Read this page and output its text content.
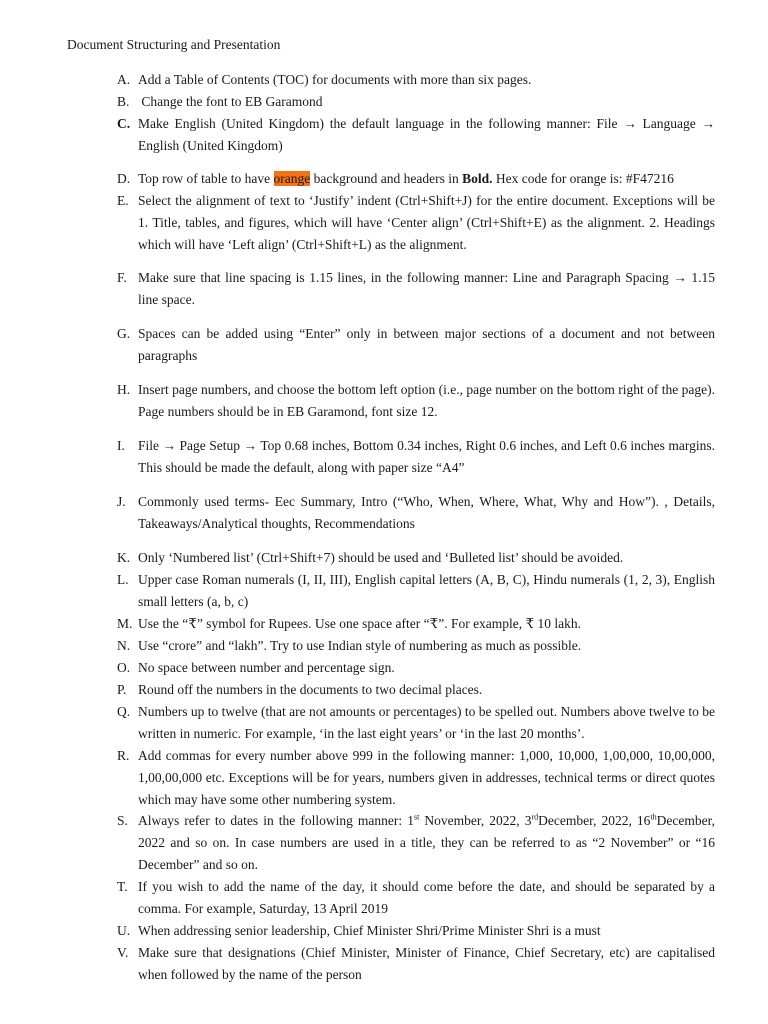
Document Structuring and Presentation
A. Add a Table of Contents (TOC) for documents with more than six pages.
B. Change the font to EB Garamond
C. Make English (United Kingdom) the default language in the following manner: File → Language → English (United Kingdom)
D. Top row of table to have orange background and headers in Bold. Hex code for orange is: #F47216
E. Select the alignment of text to ‘Justify’ indent (Ctrl+Shift+J) for the entire document. Exceptions will be 1. Title, tables, and figures, which will have ‘Center align’ (Ctrl+Shift+E) as the alignment. 2. Headings which will have ‘Left align’ (Ctrl+Shift+L) as the alignment.
F. Make sure that line spacing is 1.15 lines, in the following manner: Line and Paragraph Spacing → 1.15 line space.
G. Spaces can be added using “Enter” only in between major sections of a document and not between paragraphs
H. Insert page numbers, and choose the bottom left option (i.e., page number on the bottom right of the page). Page numbers should be in EB Garamond, font size 12.
I. File → Page Setup → Top 0.68 inches, Bottom 0.34 inches, Right 0.6 inches, and Left 0.6 inches margins. This should be made the default, along with paper size “A4”
J. Commonly used terms- Eec Summary, Intro (“Who, When, Where, What, Why and How”). , Details, Takeaways/Analytical thoughts, Recommendations
K. Only ‘Numbered list’ (Ctrl+Shift+7) should be used and ‘Bulleted list’ should be avoided.
L. Upper case Roman numerals (I, II, III), English capital letters (A, B, C), Hindu numerals (1, 2, 3), English small letters (a, b, c)
M. Use the “₹” symbol for Rupees. Use one space after “₹”. For example, ₹ 10 lakh.
N. Use “crore” and “lakh”. Try to use Indian style of numbering as much as possible.
O. No space between number and percentage sign.
P. Round off the numbers in the documents to two decimal places.
Q. Numbers up to twelve (that are not amounts or percentages) to be spelled out. Numbers above twelve to be written in numeric. For example, ‘in the last eight years’ or ‘in the last 20 months’.
R. Add commas for every number above 999 in the following manner: 1,000, 10,000, 1,00,000, 10,00,000, 1,00,00,000 etc. Exceptions will be for years, numbers given in addresses, technical terms or direct quotes which may have some other numbering system.
S. Always refer to dates in the following manner: 1st November, 2022, 3rdDecember, 2022, 16thDecember, 2022 and so on. In case numbers are used in a title, they can be referred to as “2 November” or “16 December” and so on.
T. If you wish to add the name of the day, it should come before the date, and should be separated by a comma. For example, Saturday, 13 April 2019
U. When addressing senior leadership, Chief Minister Shri/Prime Minister Shri is a must
V. Make sure that designations (Chief Minister, Minister of Finance, Chief Secretary, etc) are capitalised when followed by the name of the person
